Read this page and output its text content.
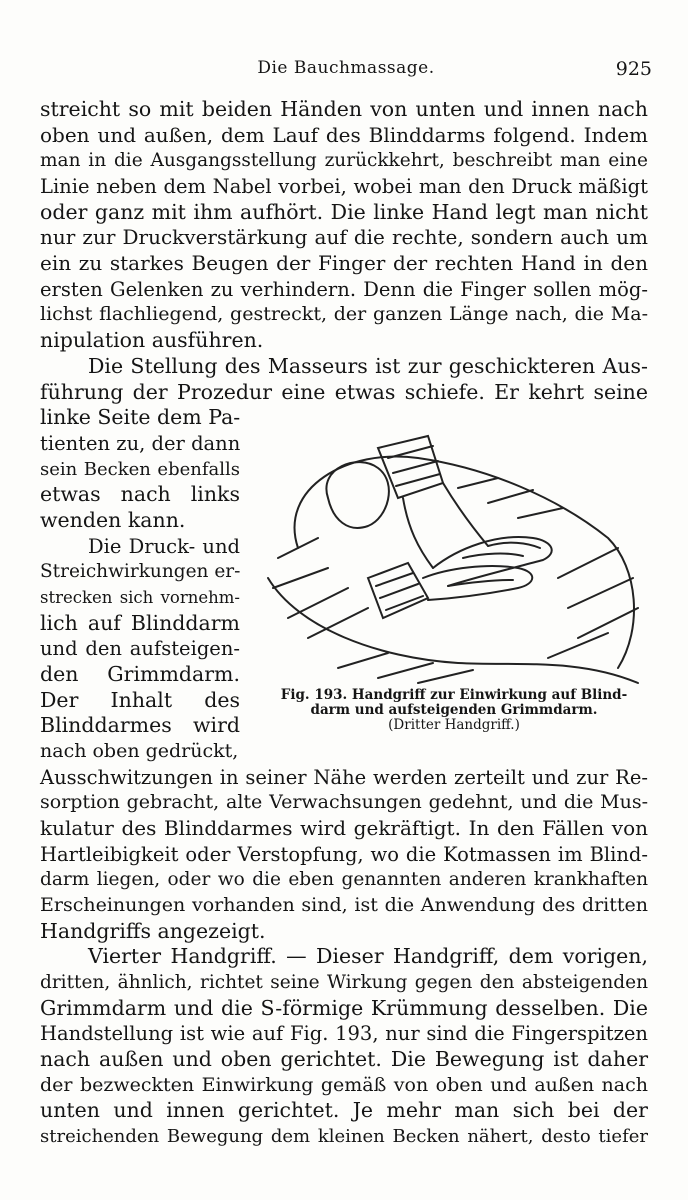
Die Bauchmassage.	925
streicht so mit beiden Händen von unten und innen nach
oben und außen, dem Lauf des Blinddarms folgend. Indem
man in die Ausgangsstellung zurückkehrt, beschreibt man eine
Linie neben dem Nabel vorbei, wobei man den Druck mäßigt
oder ganz mit ihm aufhört. Die linke Hand legt man nicht
nur zur Druckverstärkung auf die rechte, sondern auch um
ein zu starkes Beugen der Finger der rechten Hand in den
ersten Gelenken zu verhindern. Denn die Finger sollen mög-
lichst flachliegend, gestreckt, der ganzen Länge nach, die Ma-
nipulation ausführen.
Die Stellung des Masseurs ist zur geschickteren Aus-
führung der Prozedur eine etwas schiefe. Er kehrt seine
linke Seite dem Pa-
tienten zu, der dann
sein Becken ebenfalls
etwas nach links
wenden kann.
Die Druck- und
Streichwirkungen er-
strecken sich vornehm-
lich auf Blinddarm
und den aufsteigen-
den Grimmdarm.
Der Inhalt des
Blinddarmes wird
nach oben gedrückt,
Fig. 193. Handgriff zur Einwirkung auf Blind-
darm und aufsteigenden Grimmdarm.
(Dritter Handgriff.)
Ausschwitzungen in seiner Nähe werden zerteilt und zur Re-
sorption gebracht, alte Verwachsungen gedehnt, und die Mus-
kulatur des Blinddarmes wird gekräftigt. In den Fällen von
Hartleibigkeit oder Verstopfung, wo die Kotmassen im Blind-
darm liegen, oder wo die eben genannten anderen krankhaften
Erscheinungen vorhanden sind, ist die Anwendung des dritten
Handgriffs angezeigt.
Vierter Handgriff. — Dieser Handgriff, dem vorigen,
dritten, ähnlich, richtet seine Wirkung gegen den absteigenden
Grimmdarm und die S-förmige Krümmung desselben. Die
Handstellung ist wie auf Fig. 193, nur sind die Fingerspitzen
nach außen und oben gerichtet. Die Bewegung ist daher
der bezweckten Einwirkung gemäß von oben und außen nach
unten und innen gerichtet. Je mehr man sich bei der
streichenden Bewegung dem kleinen Becken nähert, desto tiefer
